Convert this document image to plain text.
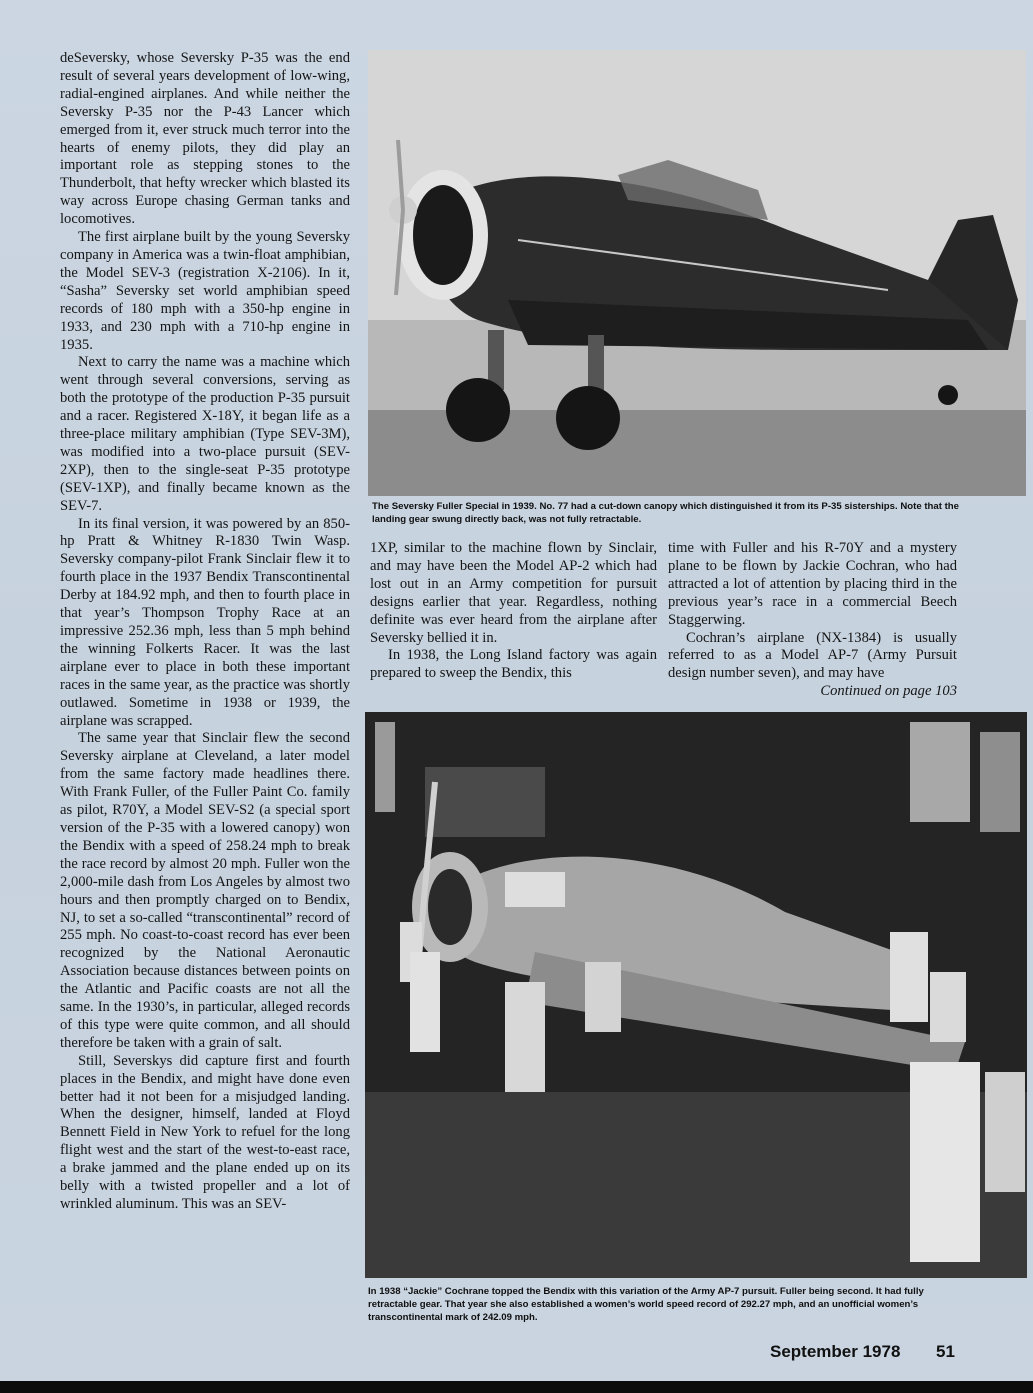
deSeversky, whose Seversky P-35 was the end result of several years development of low-wing, radial-engined airplanes. And while neither the Seversky P-35 nor the P-43 Lancer which emerged from it, ever struck much terror into the hearts of enemy pilots, they did play an important role as stepping stones to the Thunderbolt, that hefty wrecker which blasted its way across Europe chasing German tanks and locomotives.

The first airplane built by the young Seversky company in America was a twin-float amphibian, the Model SEV-3 (registration X-2106). In it, “Sasha” Seversky set world amphibian speed records of 180 mph with a 350-hp engine in 1933, and 230 mph with a 710-hp engine in 1935.

Next to carry the name was a machine which went through several conversions, serving as both the prototype of the production P-35 pursuit and a racer. Registered X-18Y, it began life as a three-place military amphibian (Type SEV-3M), was modified into a two-place pursuit (SEV-2XP), then to the single-seat P-35 prototype (SEV-1XP), and finally became known as the SEV-7.

In its final version, it was powered by an 850-hp Pratt & Whitney R-1830 Twin Wasp. Seversky company-pilot Frank Sinclair flew it to fourth place in the 1937 Bendix Transcontinental Derby at 184.92 mph, and then to fourth place in that year’s Thompson Trophy Race at an impressive 252.36 mph, less than 5 mph behind the winning Folkerts Racer. It was the last airplane ever to place in both these important races in the same year, as the practice was shortly outlawed. Sometime in 1938 or 1939, the airplane was scrapped.

The same year that Sinclair flew the second Seversky airplane at Cleveland, a later model from the same factory made headlines there. With Frank Fuller, of the Fuller Paint Co. family as pilot, R70Y, a Model SEV-S2 (a special sport version of the P-35 with a lowered canopy) won the Bendix with a speed of 258.24 mph to break the race record by almost 20 mph. Fuller won the 2,000-mile dash from Los Angeles by almost two hours and then promptly charged on to Bendix, NJ, to set a so-called “transcontinental” record of 255 mph. No coast-to-coast record has ever been recognized by the National Aeronautic Association because distances between points on the Atlantic and Pacific coasts are not all the same. In the 1930’s, in particular, alleged records of this type were quite common, and all should therefore be taken with a grain of salt.

Still, Severskys did capture first and fourth places in the Bendix, and might have done even better had it not been for a misjudged landing. When the designer, himself, landed at Floyd Bennett Field in New York to refuel for the long flight west and the start of the west-to-east race, a brake jammed and the plane ended up on its belly with a twisted propeller and a lot of wrinkled aluminum. This was an SEV-

The Seversky Fuller Special in 1939. No. 77 had a cut-down canopy which distinguished it from its P-35 sisterships. Note that the landing gear swung directly back, was not fully retractable.

1XP, similar to the machine flown by Sinclair, and may have been the Model AP-2 which had lost out in an Army competition for pursuit designs earlier that year. Regardless, nothing definite was ever heard from the airplane after Seversky bellied it in.

In 1938, the Long Island factory was again prepared to sweep the Bendix, this

time with Fuller and his R-70Y and a mystery plane to be flown by Jackie Cochran, who had attracted a lot of attention by placing third in the previous year’s race in a commercial Beech Staggerwing.

Cochran’s airplane (NX-1384) is usually referred to as a Model AP-7 (Army Pursuit design number seven), and may have

Continued on page 103

In 1938 “Jackie” Cochrane topped the Bendix with this variation of the Army AP-7 pursuit. Fuller being second. It had fully retractable gear. That year she also established a women’s world speed record of 292.27 mph, and an unofficial women’s transcontinental mark of 242.09 mph.
September 1978 51
